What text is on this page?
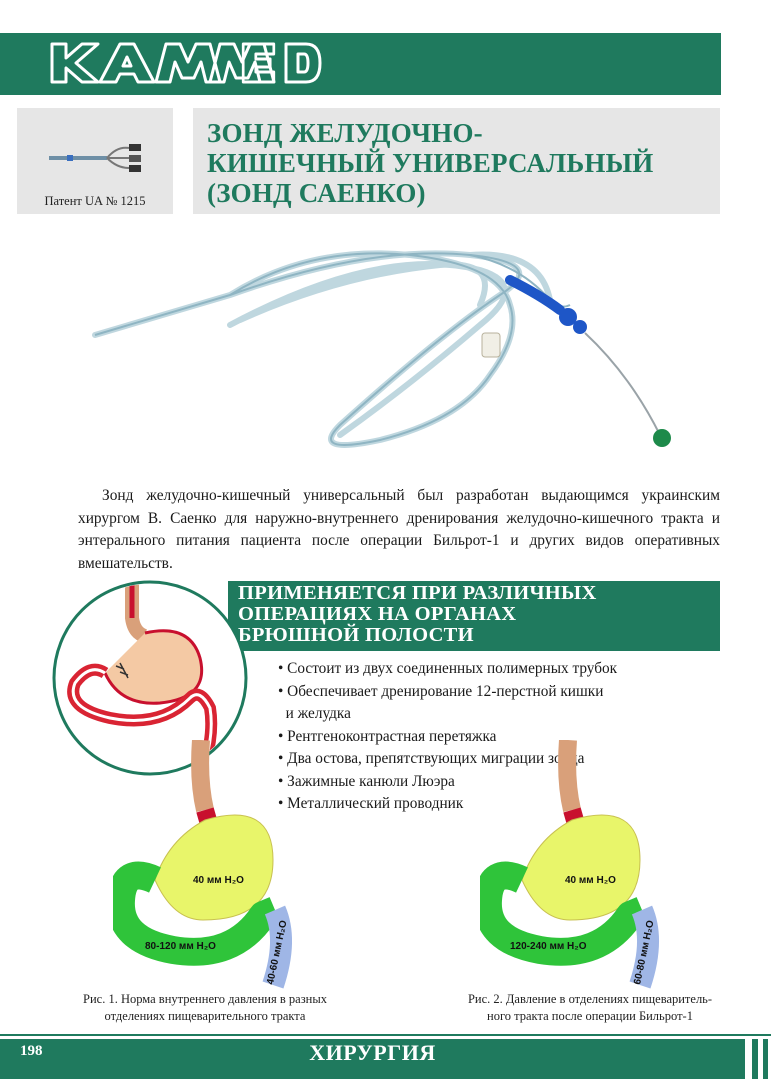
Патент UA № 1215
ЗОНД ЖЕЛУДОЧНО-
КИШЕЧНЫЙ УНИВЕРСАЛЬНЫЙ
(ЗОНД САЕНКО)

Зонд желудочно-кишечный универсальный был разработан выдающимся украинским хирургом В. Саенко для наружно-внутреннего дренирования желудочно-кишечного тракта и энтерального питания пациента после операции Бильрот-1 и других видов оперативных вмешательств.

ПРИМЕНЯЕТСЯ ПРИ РАЗЛИЧНЫХ
ОПЕРАЦИЯХ НА ОРГАНАХ
БРЮШНОЙ ПОЛОСТИ
• Состоит из двух соединенных полимерных трубок
• Обеспечивает дренирование 12-перстной кишки
и желудка
• Рентгеноконтрастная перетяжка
• Два остова, препятствующих миграции зонда
• Зажимные канюли Люэра
• Металлический проводник
40 мм H₂O
80-120 мм H₂O	40-60 мм H₂O
40 мм H₂O
120-240 мм H₂O	60-80 мм H₂O
Рис. 1. Норма внутреннего давления в разных
отделениях пищеварительного тракта
Рис. 2. Давление в отделениях пищеваритель-
ного тракта после операции Бильрот-1
198	ХИРУРГИЯ
